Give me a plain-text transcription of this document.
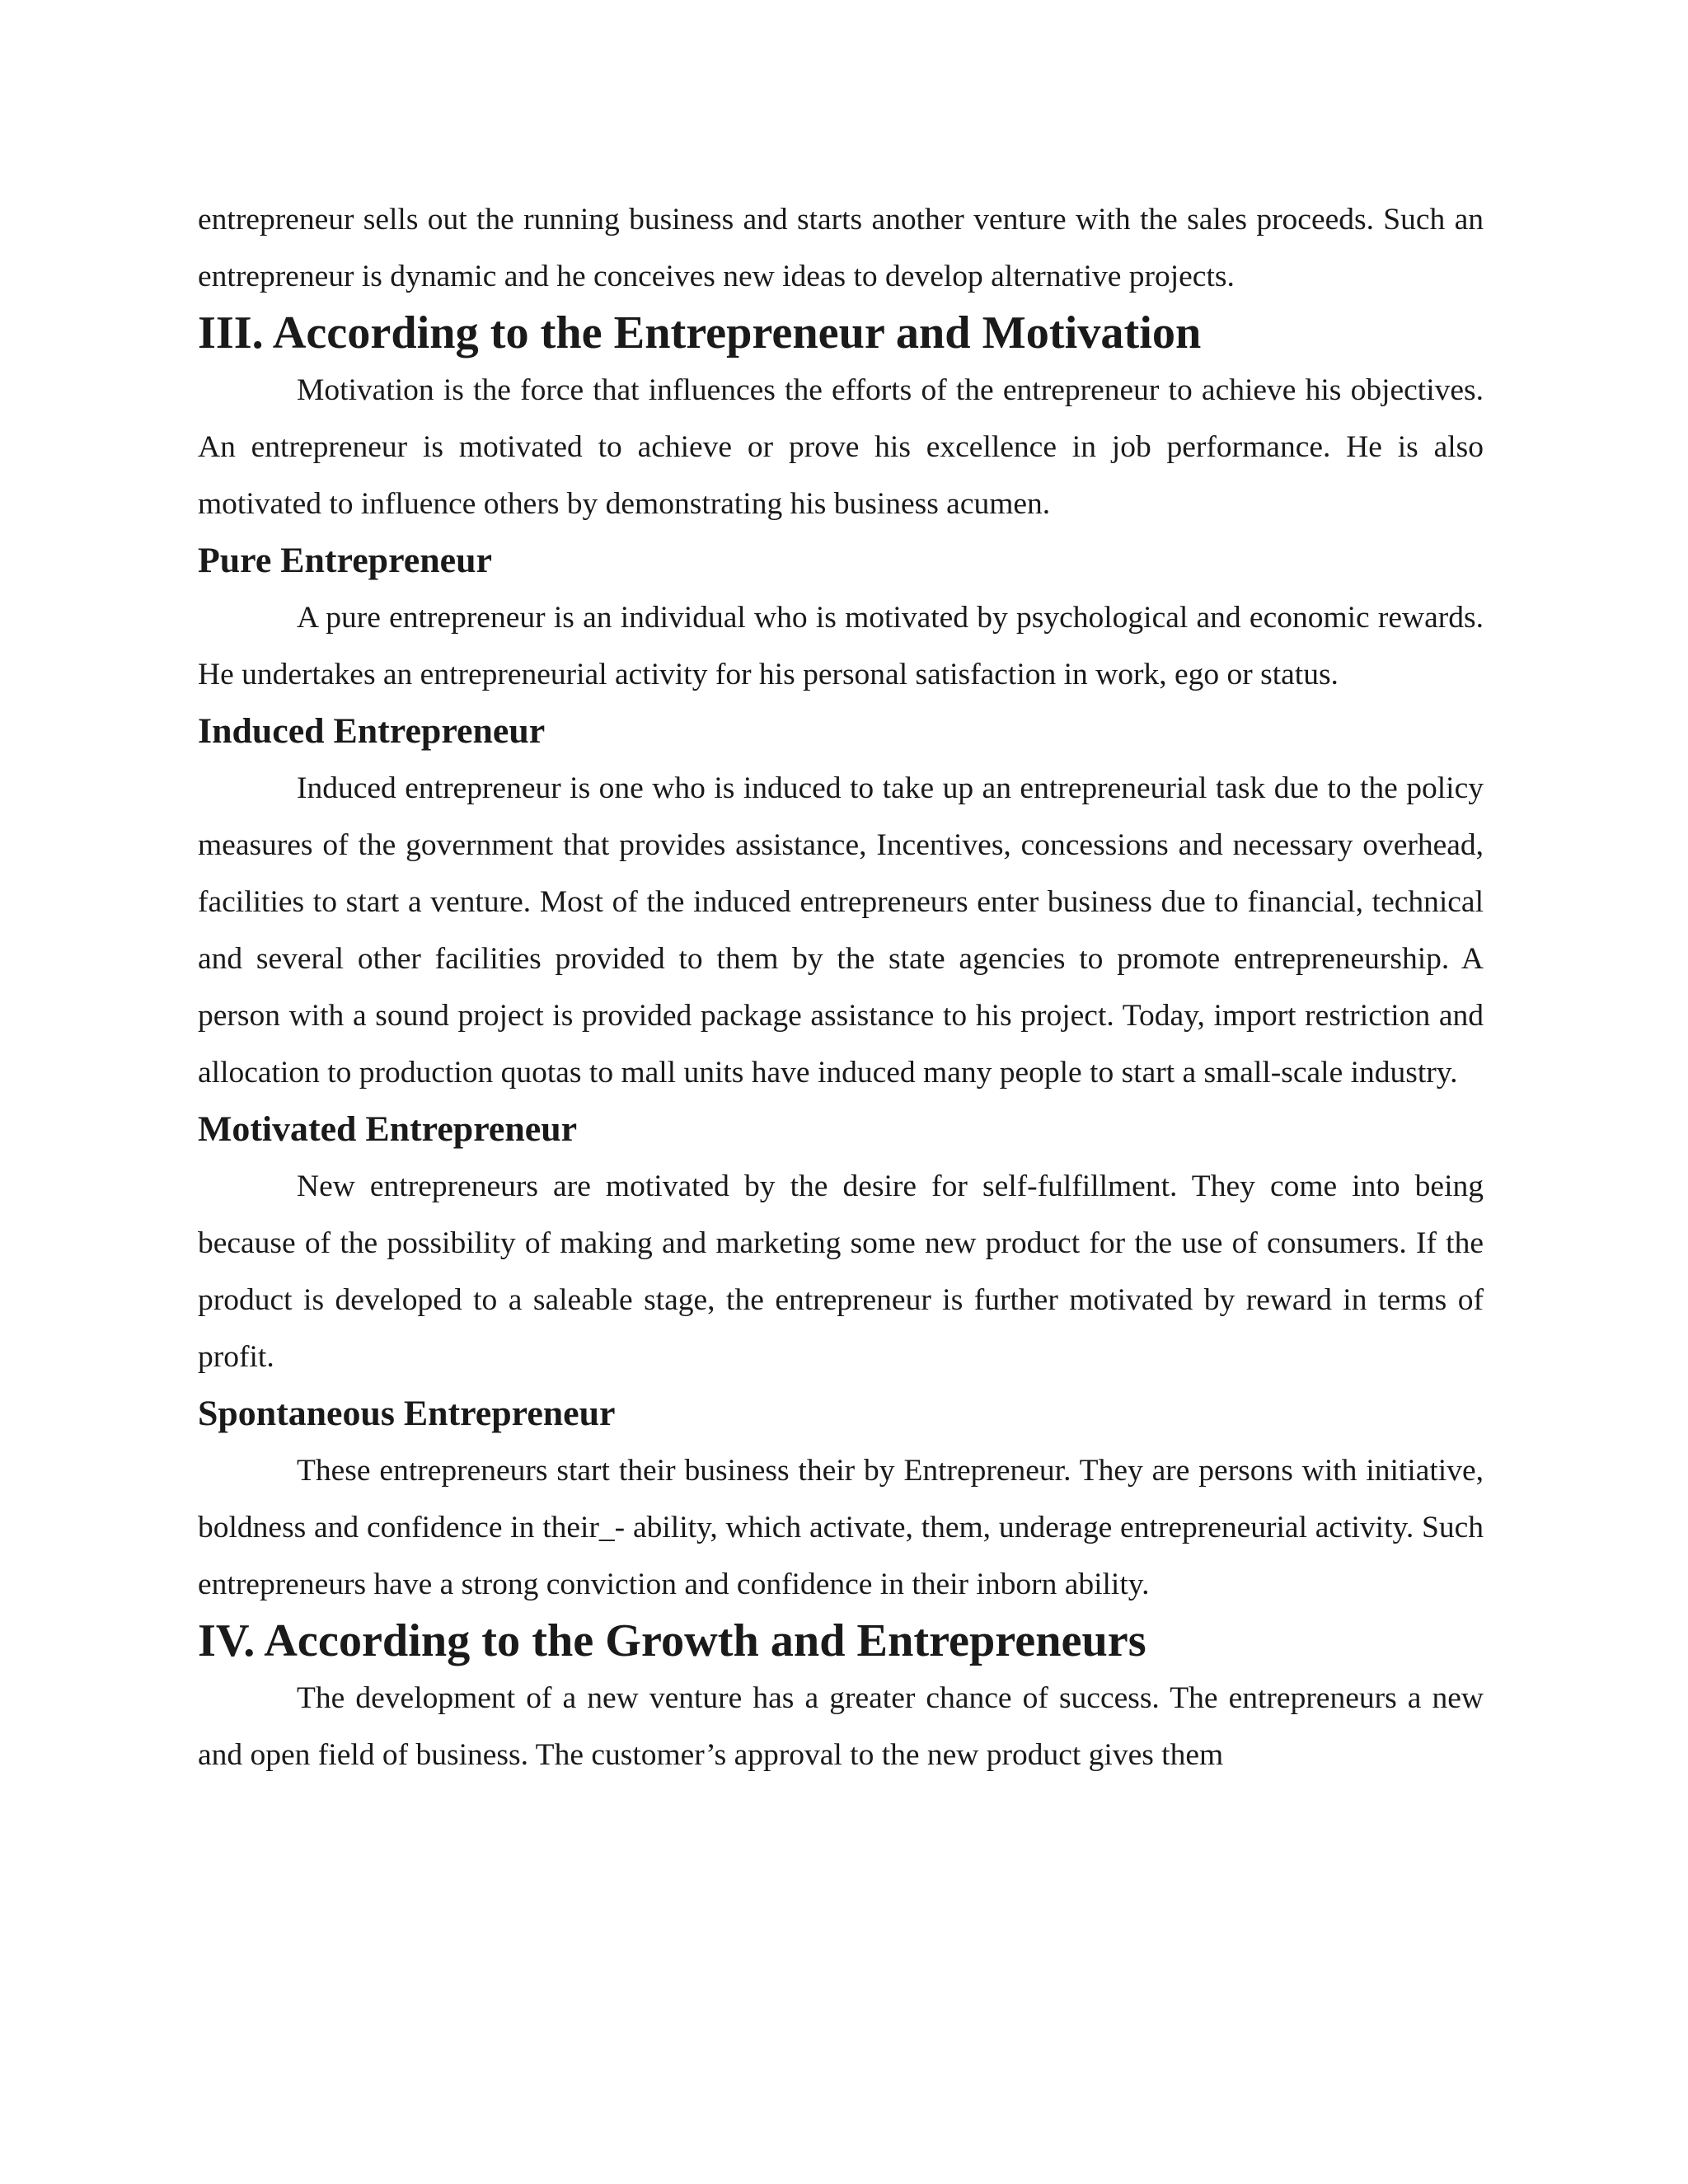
entrepreneur sells out the running business and starts another venture with the sales proceeds. Such an entrepreneur is dynamic and he conceives new ideas to develop alternative projects.

III. According to the Entrepreneur and Motivation

Motivation is the force that influences the efforts of the entrepreneur to achieve his objectives. An entrepreneur is motivated to achieve or prove his excellence in job performance. He is also motivated to influence others by demonstrating his business acumen.

Pure Entrepreneur

A pure entrepreneur is an individual who is motivated by psychological and economic rewards. He undertakes an entrepreneurial activity for his personal satisfaction in work, ego or status.

Induced Entrepreneur

Induced entrepreneur is one who is induced to take up an entrepreneurial task due to the policy measures of the government that provides assistance, Incentives, concessions and necessary overhead, facilities to start a venture. Most of the induced entrepreneurs enter business due to financial, technical and several other facilities provided to them by the state agencies to promote entrepreneurship. A person with a sound project is provided package assistance to his project. Today, import restriction and allocation to production quotas to mall units have induced many people to start a small-scale industry.

Motivated Entrepreneur

New entrepreneurs are motivated by the desire for self-fulfillment. They come into being because of the possibility of making and marketing some new product for the use of consumers. If the product is developed to a saleable stage, the entrepreneur is further motivated by reward in terms of profit.

Spontaneous Entrepreneur

These entrepreneurs start their business their by Entrepreneur. They are persons with initiative, boldness and confidence in their_- ability, which activate, them, underage entrepreneurial activity. Such entrepreneurs have a strong conviction and confidence in their inborn ability.

IV. According to the Growth and Entrepreneurs

The development of a new venture has a greater chance of success. The entrepreneurs a new and open field of business. The customer’s approval to the new product gives them
